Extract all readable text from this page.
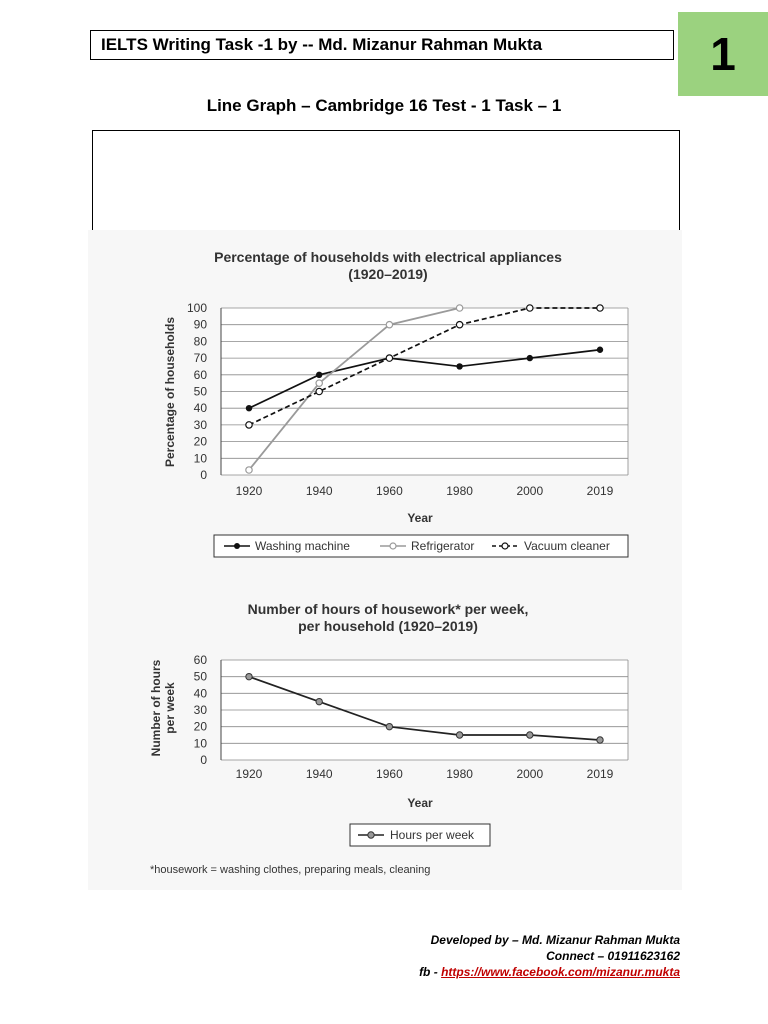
1
IELTS Writing Task -1 by -- Md. Mizanur Rahman Mukta
Line Graph – Cambridge 16 Test - 1 Task – 1
Percentage of households with electrical appliances
(1920–2019)
Percentage of households
Year
0
10
20
30
40
50
60
70
80
90
100
1920	1940	1960	1980	2000	2019
Washing machine	Refrigerator	Vacuum cleaner
Number of hours of housework* per week,
per household (1920–2019)
Number of hours per week
Year
0
10
20
30
40
50
60
1920	1940	1960	1980	2000	2019
Hours per week
*housework = washing clothes, preparing meals, cleaning
Developed by – Md. Mizanur Rahman Mukta
Connect – 01911623162
fb - https://www.facebook.com/mizanur.mukta
